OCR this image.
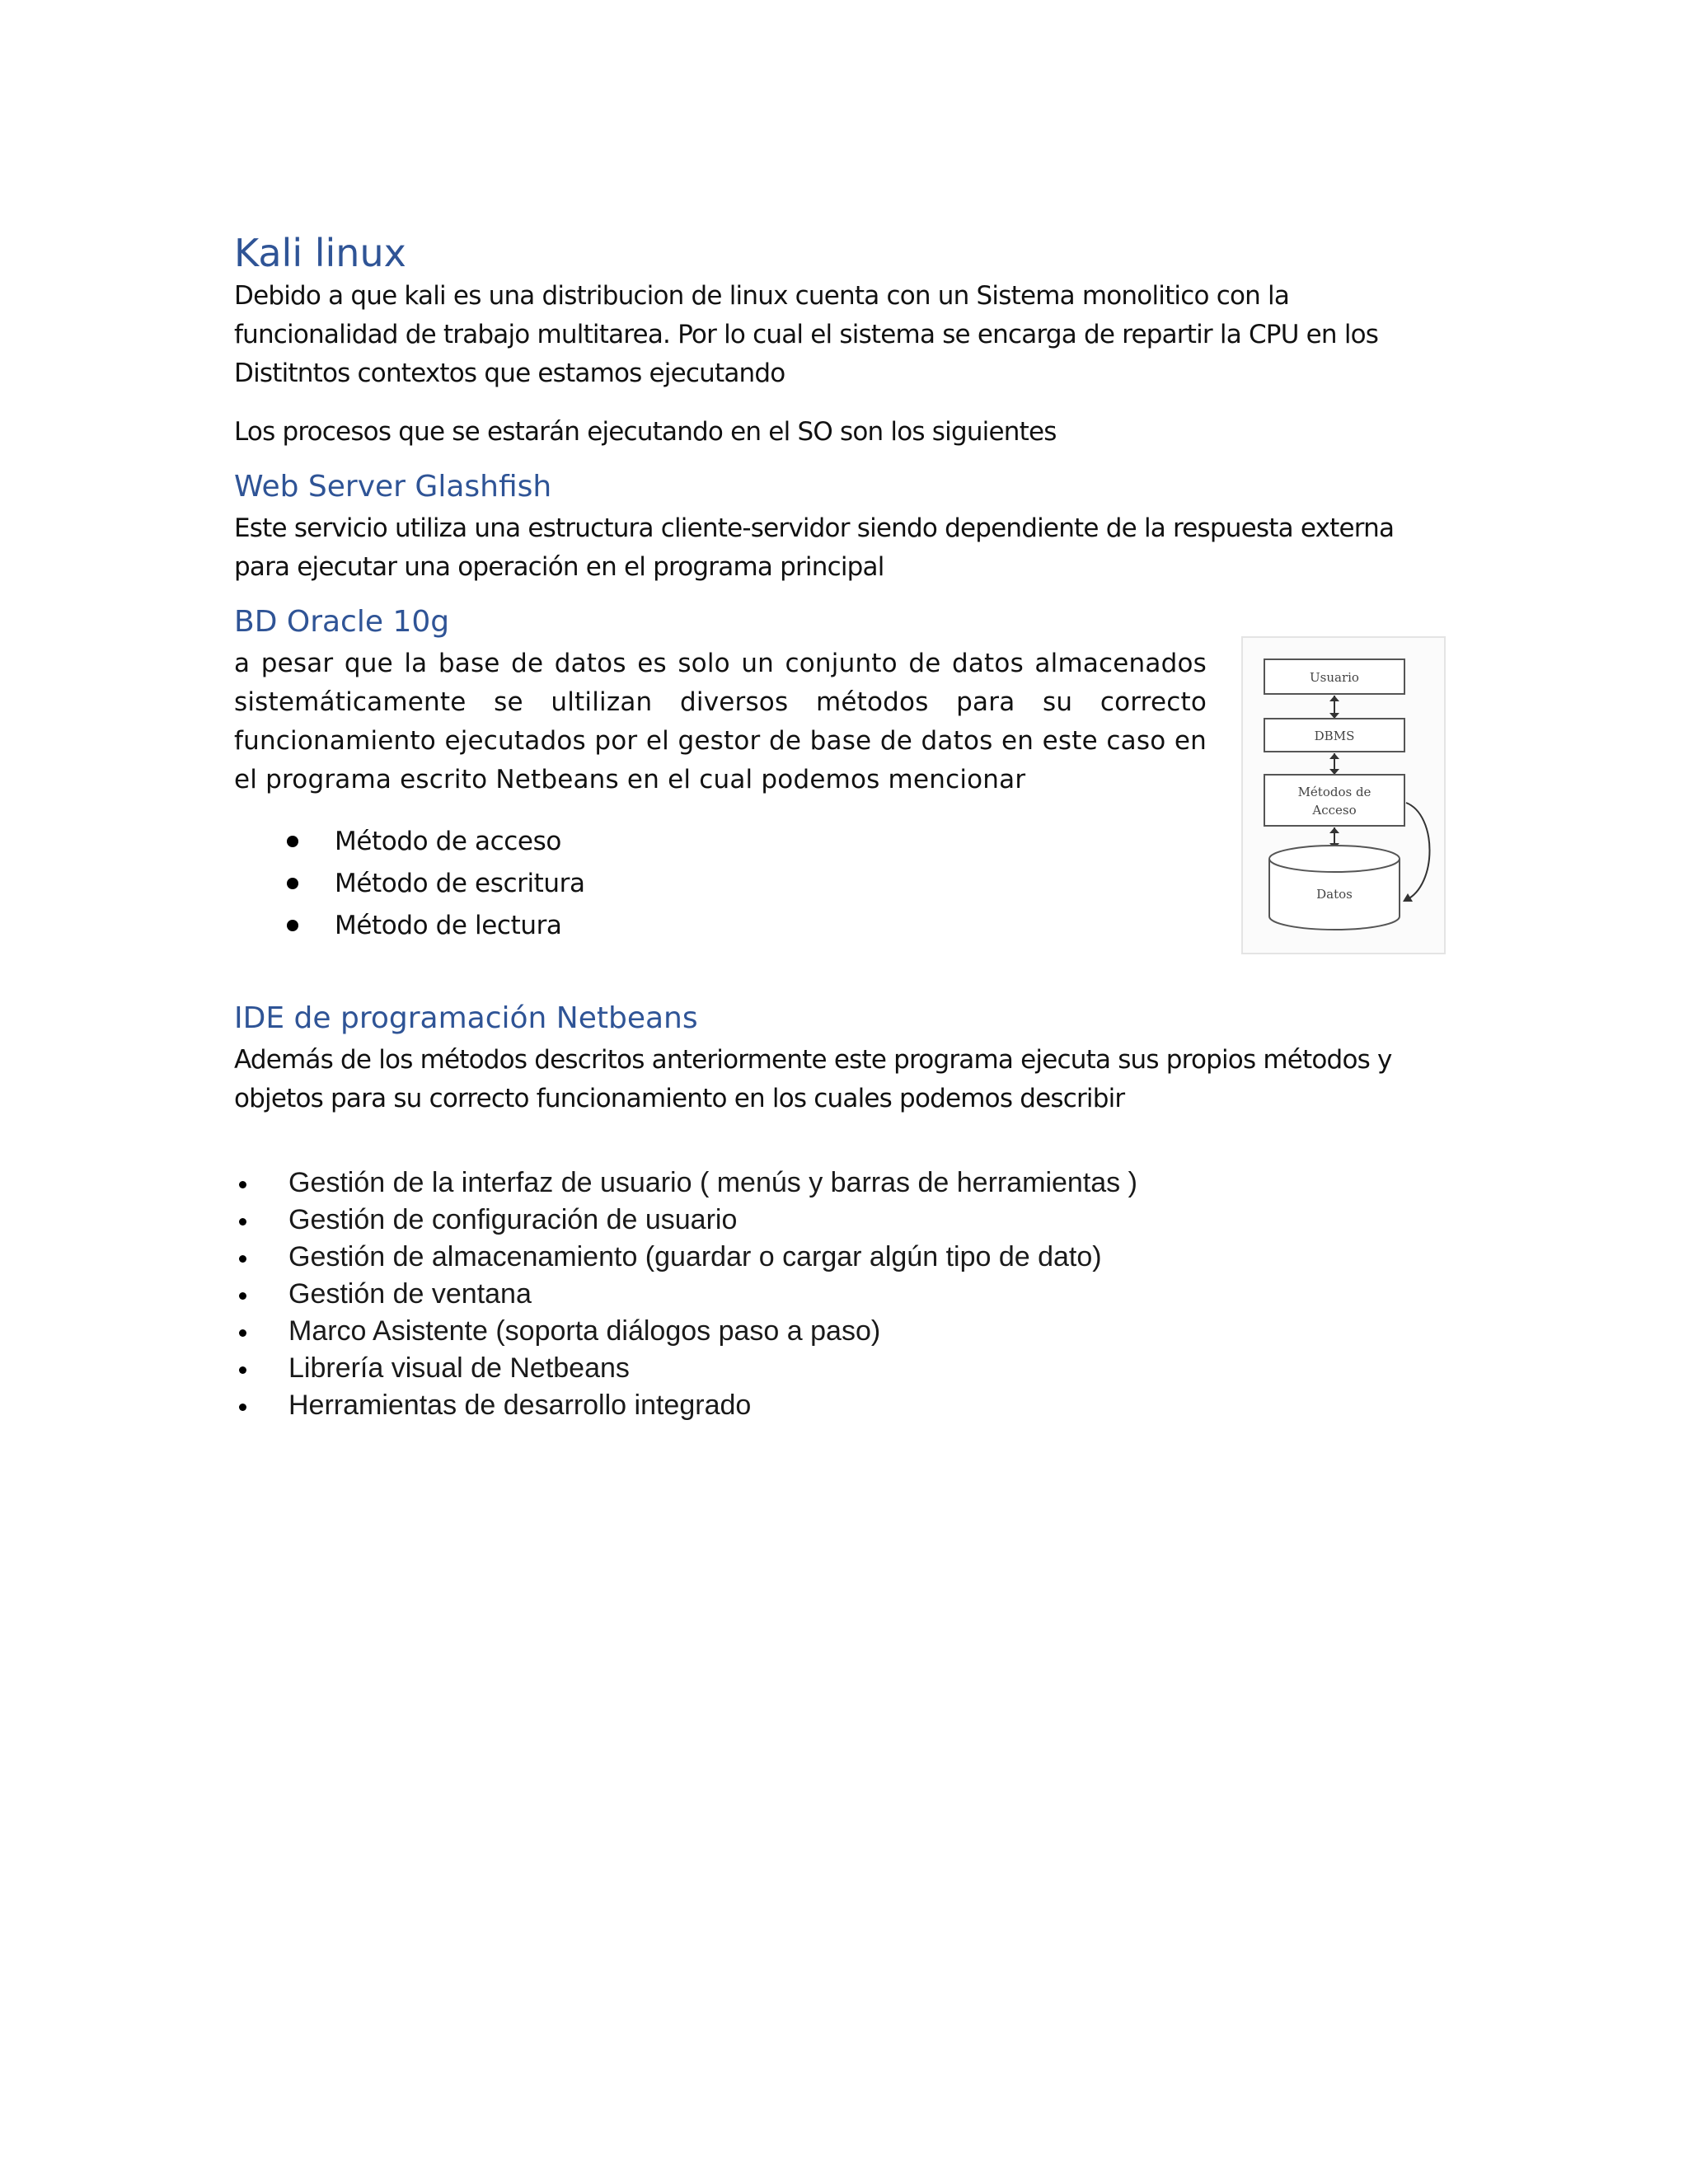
Kali linux

Debido a que kali es una distribucion de linux cuenta con un Sistema monolitico con la funcionalidad de trabajo multitarea. Por lo cual el sistema se encarga de repartir la CPU en los Distitntos contextos que estamos ejecutando

Los procesos que se estarán ejecutando en el SO son los siguientes

Web Server Glashfish

Este servicio utiliza una estructura cliente-servidor siendo dependiente de la respuesta externa para ejecutar una operación en el programa principal

BD Oracle 10g

a pesar que la base de datos es solo un conjunto de datos almacenados sistemáticamente se ultilizan diversos métodos para su correcto funcionamiento ejecutados por el gestor de base de datos en este caso en el programa escrito Netbeans en el cual podemos mencionar

Método de acceso
Método de escritura
Método de lectura
Usuario
DBMS
Métodos de
Acceso
Datos
IDE de programación Netbeans

Además de los métodos descritos anteriormente este programa ejecuta sus propios métodos y objetos para su correcto funcionamiento en los cuales podemos describir

Gestión de la interfaz de usuario ( menús y barras de herramientas )
Gestión de configuración de usuario
Gestión de almacenamiento (guardar o cargar algún tipo de dato)
Gestión de ventana
Marco Asistente (soporta diálogos paso a paso)
Librería visual de Netbeans
Herramientas de desarrollo integrado
